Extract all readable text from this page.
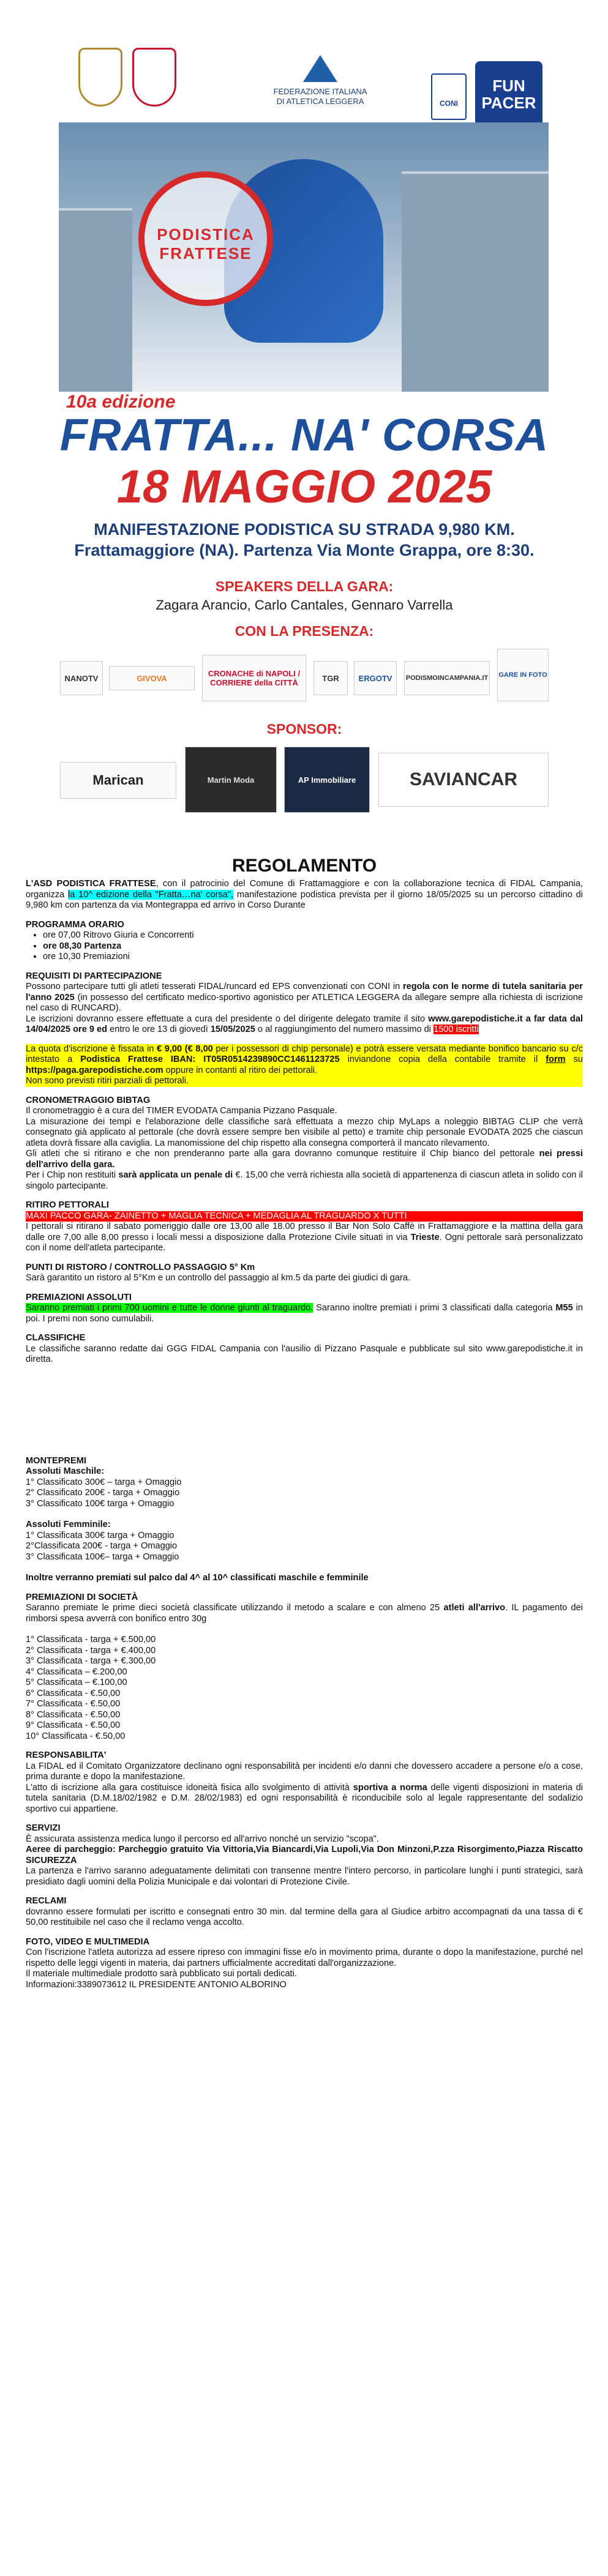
FEDERAZIONE ITALIANA
DI ATLETICA LEGGERA	CONI
FUN
PACER
PODISTICA FRATTESE
10a edizione
FRATTA... NA' CORSA
18 MAGGIO 2025
MANIFESTAZIONE PODISTICA SU STRADA 9,980 KM.
Frattamaggiore (NA). Partenza Via Monte Grappa, ore 8:30.
SPEAKERS DELLA GARA:
Zagara Arancio, Carlo Cantales, Gennaro Varrella
CON LA PRESENZA:
NANOTV	GIVOVA	CRONACHE di NAPOLI / CORRIERE della CITTÀ	TGR	ERGOTV	PODISMOINCAMPANIA.IT GARE IN FOTO
SPONSOR:
Marican	Martin Moda	AP Immobiliare	SAVIANCAR
REGOLAMENTO

L'ASD PODISTICA FRATTESE, con il patrocinio del Comune di Frattamaggiore e con la collaborazione tecnica di FIDAL Campania, organizza la 10^ edizione della "Fratta…na' corsa", manifestazione podistica prevista per il giorno 18/05/2025 su un percorso cittadino di 9,980 km con partenza da via Montegrappa ed arrivo in Corso Durante

PROGRAMMA ORARIO

• ore 07,00 Ritrovo Giuria e Concorrenti
• ore 08,30 Partenza
• ore 10,30 Premiazioni

REQUISITI DI PARTECIPAZIONE

Possono partecipare tutti gli atleti tesserati FIDAL/runcard ed EPS convenzionati con CONI in regola con le norme di tutela sanitaria per l'anno 2025 (in possesso del certificato medico-sportivo agonistico per ATLETICA LEGGERA da allegare sempre alla richiesta di iscrizione nel caso di RUNCARD).

Le iscrizioni dovranno essere effettuate a cura del presidente o del dirigente delegato tramite il sito www.garepodistiche.it a far data dal 14/04/2025 ore 9 ed entro le ore 13 di giovedì 15/05/2025 o al raggiungimento del numero massimo di 1500 iscritti

La quota d'iscrizione è fissata in € 9,00 (€ 8,00 per i possessori di chip personale) e potrà essere versata mediante bonifico bancario su c/c intestato a Podistica Frattese IBAN: IT05R0514239890CC1461123725 inviandone copia della contabile tramite il form su https://paga.garepodistiche.com oppure in contanti al ritiro dei pettorali.

Non sono previsti ritiri parziali di pettorali.

CRONOMETRAGGIO BIBTAG

Il cronometraggio è a cura del TIMER EVODATA Campania Pizzano Pasquale.

La misurazione dei tempi e l'elaborazione delle classifiche sarà effettuata a mezzo chip MyLaps a noleggio BIBTAG CLIP che verrà consegnato già applicato al pettorale (che dovrà essere sempre ben visibile al petto) e tramite chip personale EVODATA 2025 che ciascun atleta dovrà fissare alla caviglia. La manomissione del chip rispetto alla consegna comporterà il mancato rilevamento.

Gli atleti che si ritirano e che non prenderanno parte alla gara dovranno comunque restituire il Chip bianco del pettorale nei pressi dell'arrivo della gara.

Per i Chip non restituiti sarà applicata un penale di €. 15,00 che verrà richiesta alla società di appartenenza di ciascun atleta in solido con il singolo partecipante.

RITIRO PETTORALI

MAXI PACCO GARA- ZAINETTO + MAGLIA TECNICA + MEDAGLIA AL TRAGUARDO X TUTTI

I pettorali si ritirano il sabato pomeriggio dalle ore 13,00 alle 18.00 presso il Bar Non Solo Caffè in Frattamaggiore e la mattina della gara dalle ore 7,00 alle 8,00 presso i locali messi a disposizione dalla Protezione Civile situati in via Trieste. Ogni pettorale sarà personalizzato con il nome dell'atleta partecipante.

PUNTI DI RISTORO / CONTROLLO PASSAGGIO 5° Km

Sarà garantito un ristoro al 5°Km e un controllo del passaggio al km.5 da parte dei giudici di gara.

PREMIAZIONI ASSOLUTI

Saranno premiati i primi 700 uomini e tutte le donne giunti al traguardo. Saranno inoltre premiati i primi 3 classificati dalla categoria M55 in poi. I premi non sono cumulabili.

CLASSIFICHE

Le classifiche saranno redatte dai GGG FIDAL Campania con l'ausilio di Pizzano Pasquale e pubblicate sul sito www.garepodistiche.it in diretta.

MONTEPREMI

Assoluti Maschile:

1° Classificato 300€ – targa + Omaggio

2° Classificato 200€ - targa + Omaggio

3° Classificato 100€ targa + Omaggio

Assoluti Femminile:

1° Classificata 300€ targa + Omaggio

2°Classificata 200€ - targa + Omaggio

3° Classificata 100€– targa + Omaggio

Inoltre verranno premiati sul palco dal 4^ al 10^ classificati maschile e femminile

PREMIAZIONI DI SOCIETÀ

Saranno premiate le prime dieci società classificate utilizzando il metodo a scalare e con almeno 25 atleti all'arrivo. IL pagamento dei rimborsi spesa avverrà con bonifico entro 30g

1° Classificata - targa + €.500,00

2° Classificata - targa + €.400,00

3° Classificata - targa + €.300,00

4° Classificata – €.200,00

5° Classificata – €.100,00

6° Classificata - €.50,00

7° Classificata - €.50,00

8° Classificata - €.50,00

9° Classificata - €.50,00

10° Classificata - €.50,00

RESPONSABILITA'

La FIDAL ed il Comitato Organizzatore declinano ogni responsabilità per incidenti e/o danni che dovessero accadere a persone e/o a cose, prima durante e dopo la manifestazione.

L'atto di iscrizione alla gara costituisce idoneità fisica allo svolgimento di attività sportiva a norma delle vigenti disposizioni in materia di tutela sanitaria (D.M.18/02/1982 e D.M. 28/02/1983) ed ogni responsabilità è riconducibile solo al legale rappresentante del sodalizio sportivo cui appartiene.

SERVIZI

È assicurata assistenza medica lungo il percorso ed all'arrivo nonché un servizio "scopa".

Aeree di parcheggio: Parcheggio gratuito Via Vittoria,Via Biancardi,Via Lupoli,Via Don Minzoni,P.zza Risorgimento,Piazza Riscatto SICUREZZA

La partenza e l'arrivo saranno adeguatamente delimitati con transenne mentre l'intero percorso, in particolare lunghi i punti strategici, sarà presidiato dagli uomini della Polizia Municipale e dai volontari di Protezione Civile.

RECLAMI

dovranno essere formulati per iscritto e consegnati entro 30 min. dal termine della gara al Giudice arbitro accompagnati da una tassa di € 50,00 restituibile nel caso che il reclamo venga accolto.

FOTO, VIDEO E MULTIMEDIA

Con l'iscrizione l'atleta autorizza ad essere ripreso con immagini fisse e/o in movimento prima, durante o dopo la manifestazione, purché nel rispetto delle leggi vigenti in materia, dai partners ufficialmente accreditati dall'organizzazione.

Il materiale multimediale prodotto sarà pubblicato sui portali dedicati.

Informazioni:3389073612 IL PRESIDENTE ANTONIO ALBORINO
